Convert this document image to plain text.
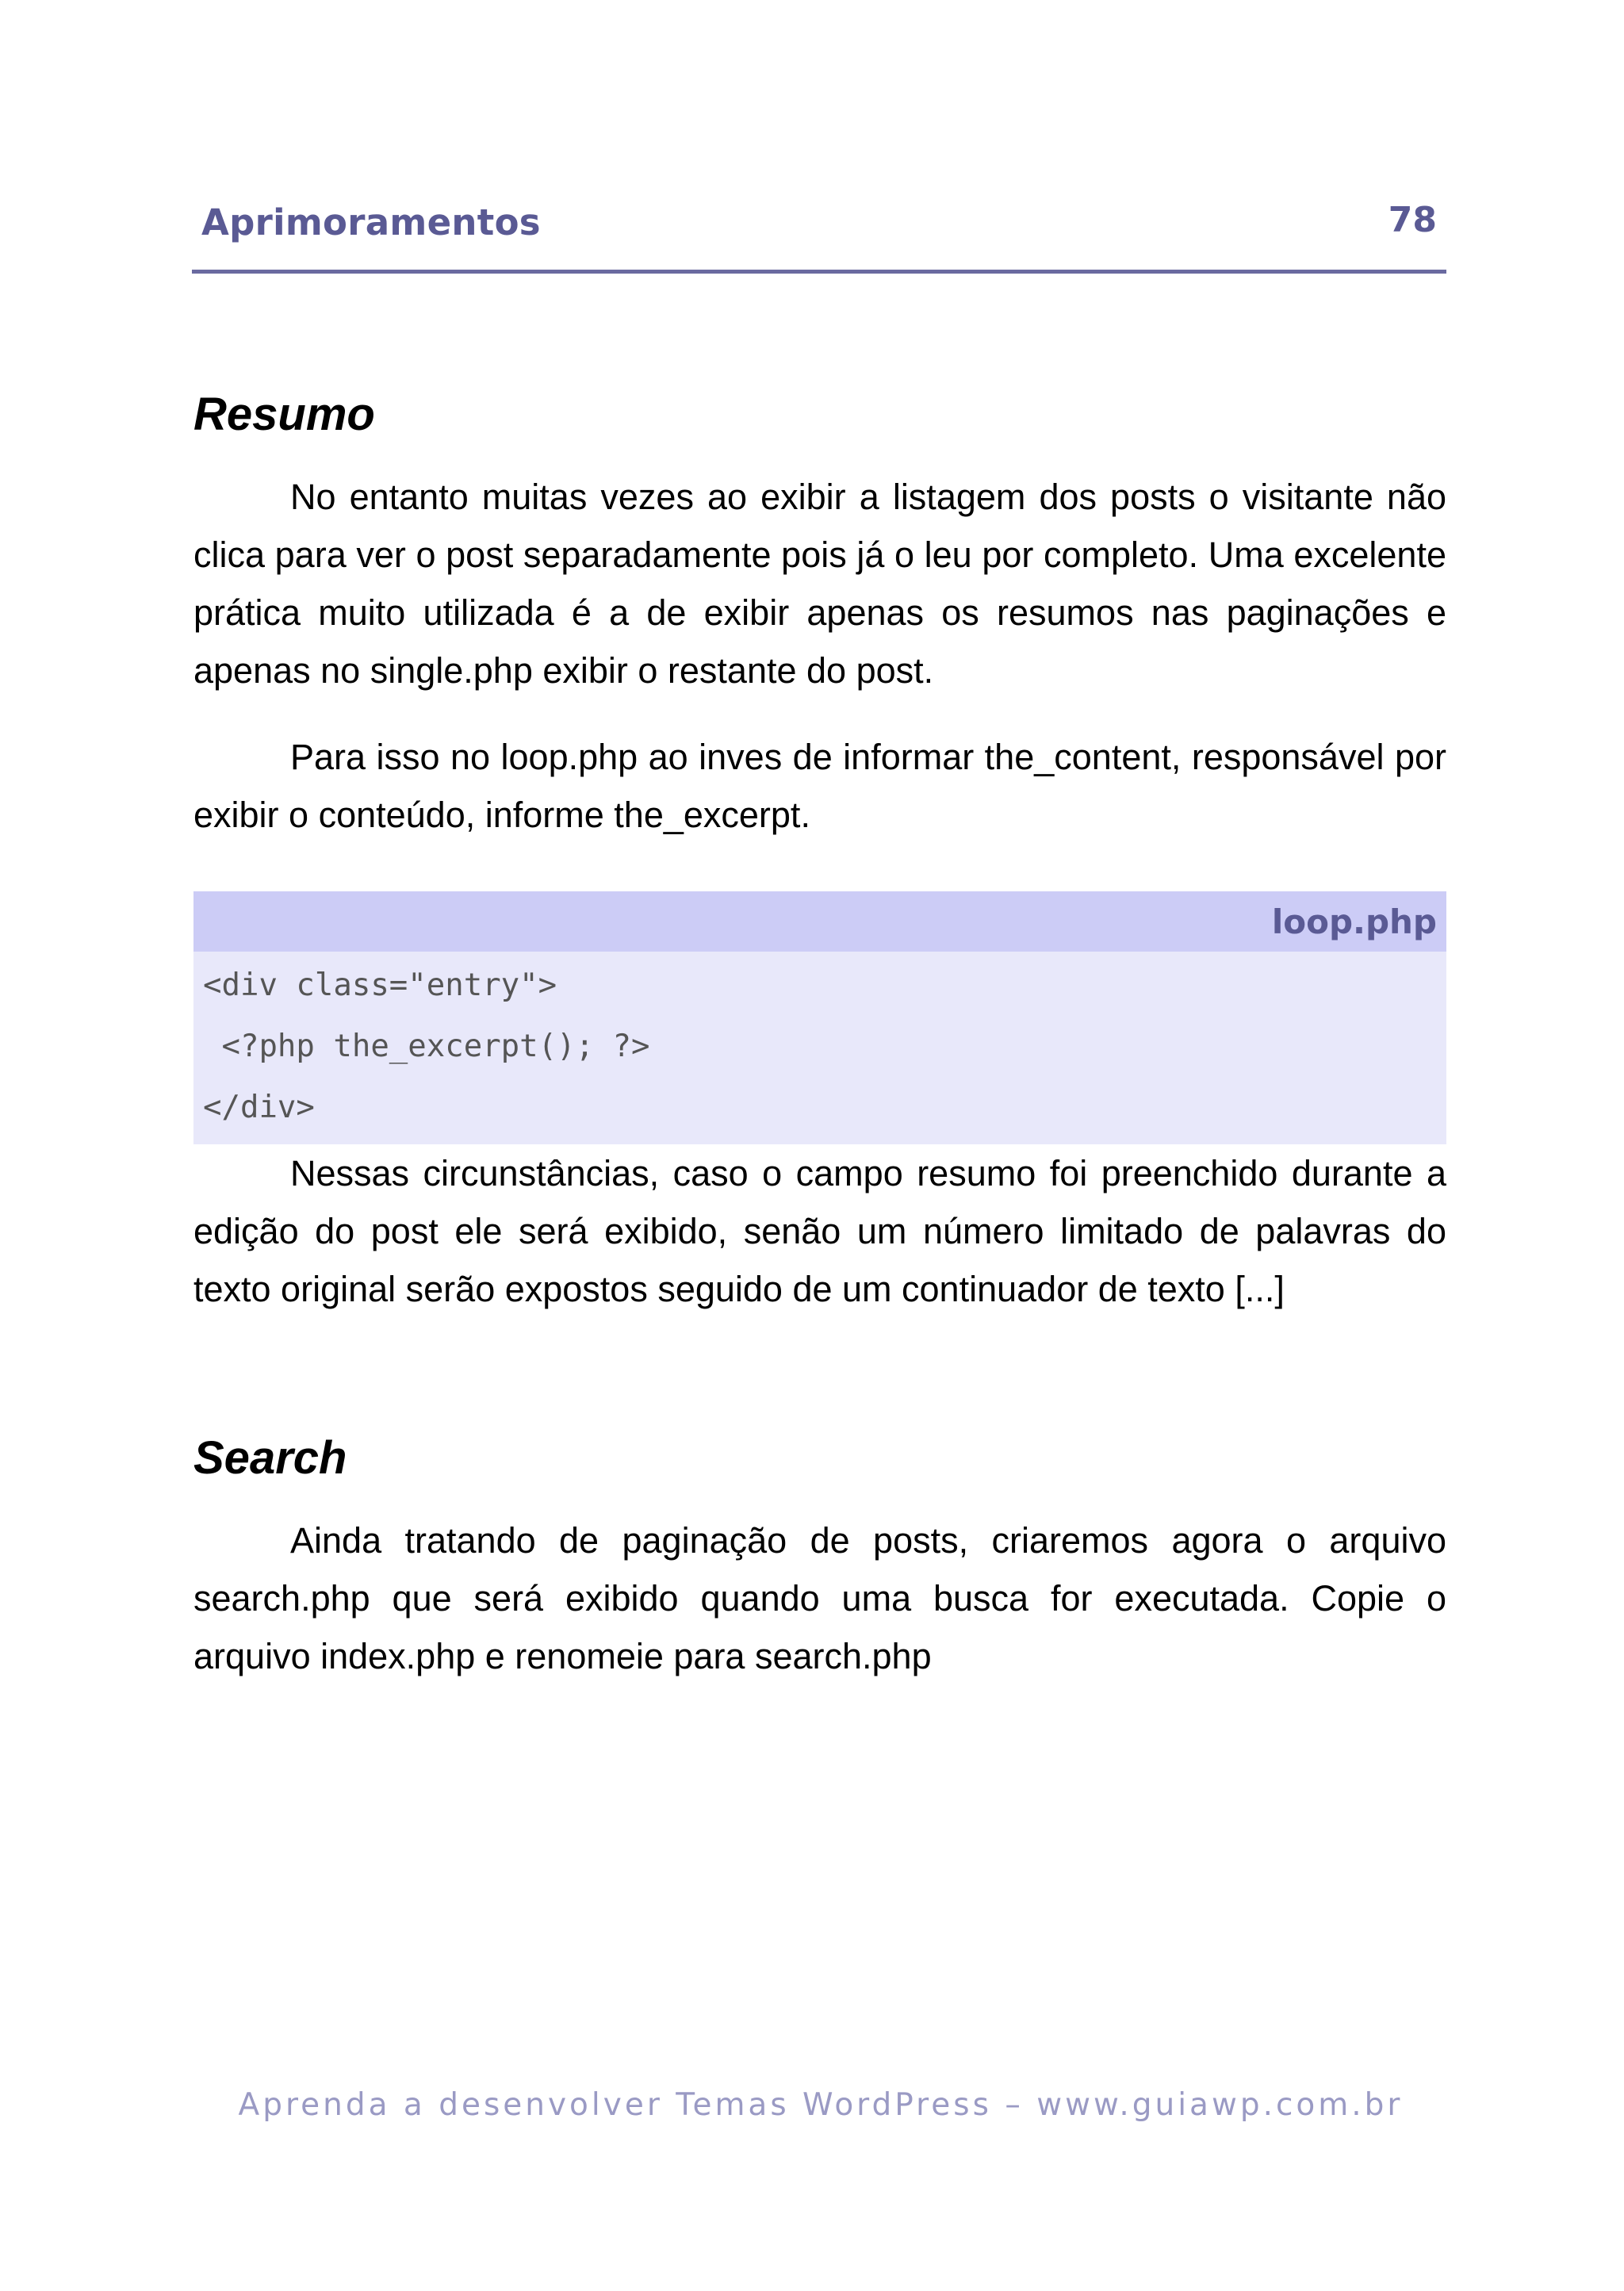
Aprimoramentos	78
Resumo

No entanto muitas vezes ao exibir a listagem dos posts o visitante não clica para ver o post separadamente pois já o leu por completo. Uma excelente prática muito utilizada é a de exibir apenas os resumos nas paginações e apenas no single.php exibir o restante do post.

Para isso no loop.php ao inves de informar the_content, responsável por exibir o conteúdo, informe the_excerpt.

loop.php
<div class="entry">
<?php the_excerpt(); ?>
</div>

Nessas circunstâncias, caso o campo resumo foi preenchido durante a edição do post ele será exibido, senão um número limitado de palavras do texto original serão expostos seguido de um continuador de texto [...]

Search

Ainda tratando de paginação de posts, criaremos agora o arquivo search.php que será exibido quando uma busca for executada. Copie o arquivo index.php e renomeie para search.php

Aprenda a desenvolver Temas WordPress – www.guiawp.com.br
